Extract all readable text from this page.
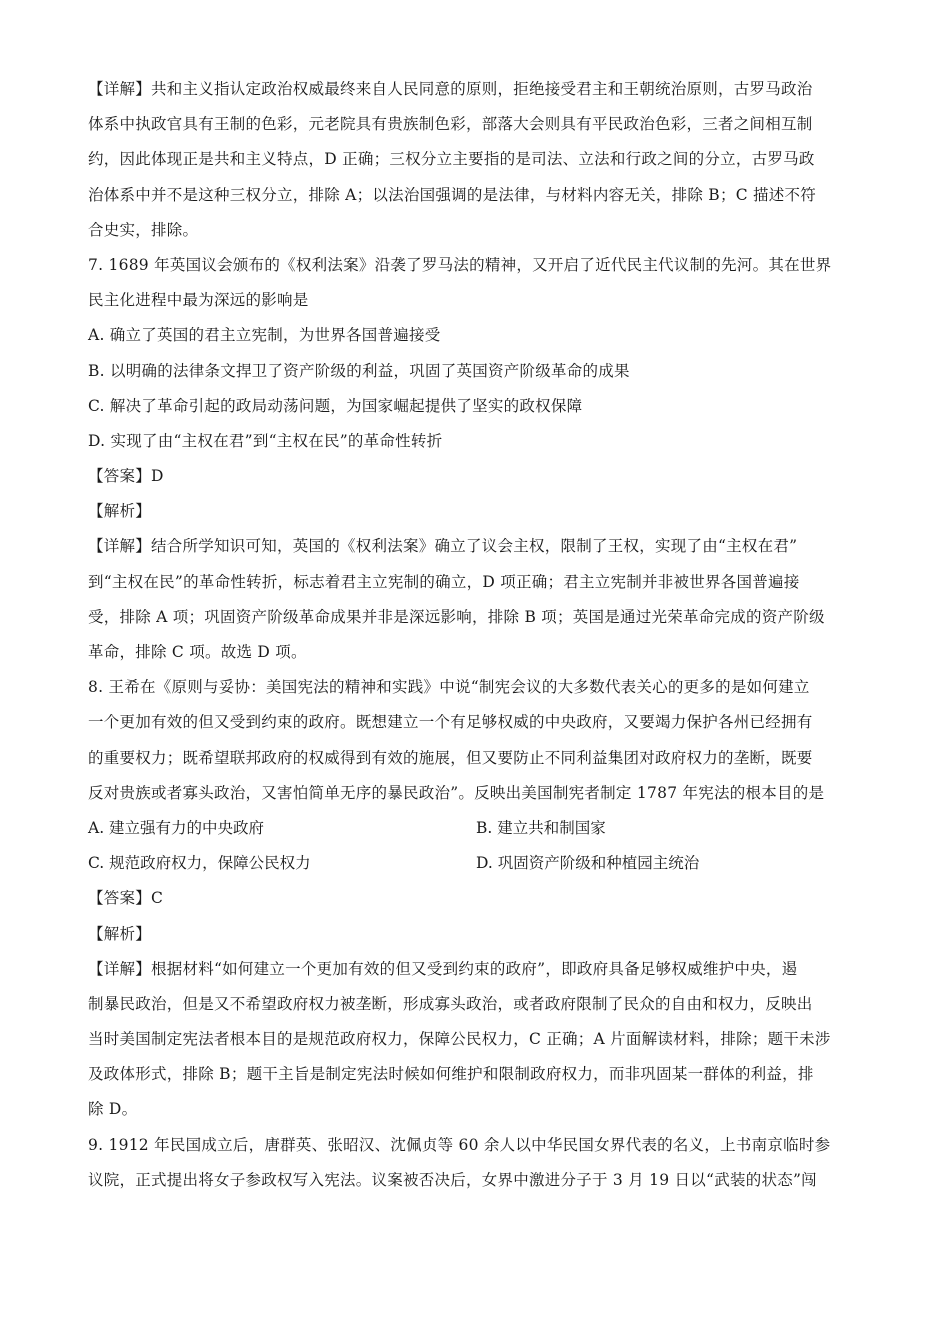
【详解】共和主义指认定政治权威最终来自人民同意的原则，拒绝接受君主和王朝统治原则，古罗马政治
体系中执政官具有王制的色彩，元老院具有贵族制色彩，部落大会则具有平民政治色彩，三者之间相互制
约，因此体现正是共和主义特点，D 正确；三权分立主要指的是司法、立法和行政之间的分立，古罗马政
治体系中并不是这种三权分立，排除 A；以法治国强调的是法律，与材料内容无关，排除 B；C 描述不符
合史实，排除。
7. 1689 年英国议会颁布的《权利法案》沿袭了罗马法的精神，又开启了近代民主代议制的先河。其在世界
民主化进程中最为深远的影响是
A. 确立了英国的君主立宪制，为世界各国普遍接受
B. 以明确的法律条文捍卫了资产阶级的利益，巩固了英国资产阶级革命的成果
C. 解决了革命引起的政局动荡问题，为国家崛起提供了坚实的政权保障
D. 实现了由“主权在君”到“主权在民”的革命性转折
【答案】D
【解析】
【详解】结合所学知识可知，英国的《权利法案》确立了议会主权，限制了王权，实现了由“主权在君”
到“主权在民”的革命性转折，标志着君主立宪制的确立，D 项正确；君主立宪制并非被世界各国普遍接
受，排除 A 项；巩固资产阶级革命成果并非是深远影响，排除 B 项；英国是通过光荣革命完成的资产阶级
革命，排除 C 项。故选 D 项。
8. 王希在《原则与妥协：美国宪法的精神和实践》中说“制宪会议的大多数代表关心的更多的是如何建立
一个更加有效的但又受到约束的政府。既想建立一个有足够权威的中央政府，又要竭力保护各州已经拥有
的重要权力；既希望联邦政府的权威得到有效的施展，但又要防止不同利益集团对政府权力的垄断，既要
反对贵族或者寡头政治，又害怕简单无序的暴民政治”。反映出美国制宪者制定 1787 年宪法的根本目的是
A. 建立强有力的中央政府	B. 建立共和制国家
C. 规范政府权力，保障公民权力	D. 巩固资产阶级和种植园主统治
【答案】C
【解析】
【详解】根据材料“如何建立一个更加有效的但又受到约束的政府”，即政府具备足够权威维护中央，遏
制暴民政治，但是又不希望政府权力被垄断，形成寡头政治，或者政府限制了民众的自由和权力，反映出
当时美国制定宪法者根本目的是规范政府权力，保障公民权力，C 正确；A 片面解读材料，排除；题干未涉
及政体形式，排除 B；题干主旨是制定宪法时候如何维护和限制政府权力，而非巩固某一群体的利益，排
除 D。
9. 1912 年民国成立后，唐群英、张昭汉、沈佩贞等 60 余人以中华民国女界代表的名义，上书南京临时参
议院，正式提出将女子参政权写入宪法。议案被否决后，女界中激进分子于 3 月 19 日以“武装的状态”闯
